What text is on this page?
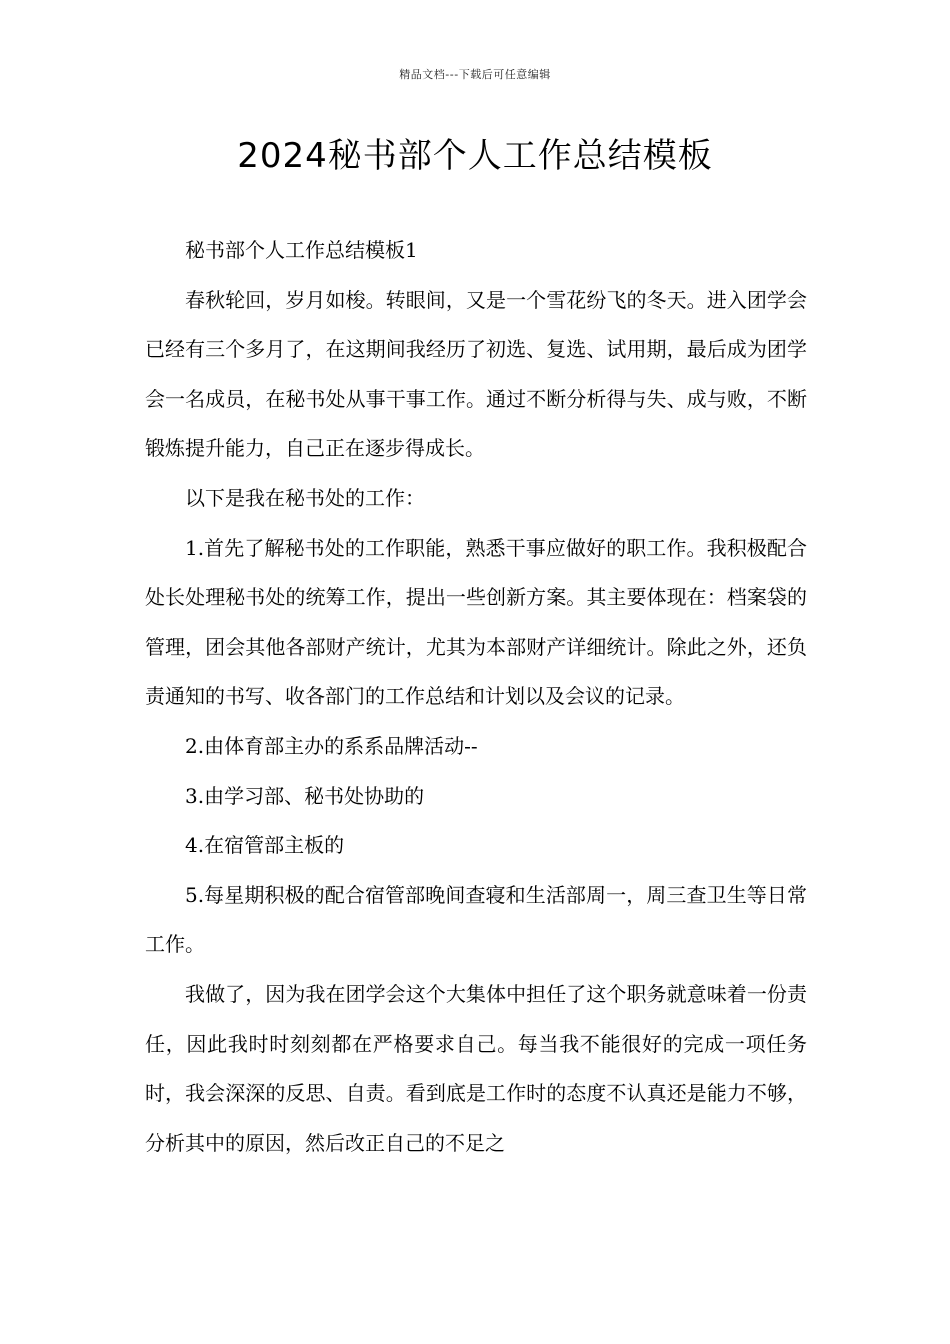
精品文档---下载后可任意编辑
2024秘书部个人工作总结模板

秘书部个人工作总结模板1

春秋轮回，岁月如梭。转眼间，又是一个雪花纷飞的冬天。进入团学会已经有三个多月了，在这期间我经历了初选、复选、试用期，最后成为团学会一名成员，在秘书处从事干事工作。通过不断分析得与失、成与败，不断锻炼提升能力，自己正在逐步得成长。

以下是我在秘书处的工作：

1.首先了解秘书处的工作职能，熟悉干事应做好的职工作。我积极配合处长处理秘书处的统筹工作，提出一些创新方案。其主要体现在：档案袋的管理，团会其他各部财产统计，尤其为本部财产详细统计。除此之外，还负责通知的书写、收各部门的工作总结和计划以及会议的记录。

2.由体育部主办的系系品牌活动--

3.由学习部、秘书处协助的

4.在宿管部主板的

5.每星期积极的配合宿管部晚间查寝和生活部周一，周三查卫生等日常工作。

我做了，因为我在团学会这个大集体中担任了这个职务就意味着一份责任，因此我时时刻刻都在严格要求自己。每当我不能很好的完成一项任务时，我会深深的反思、自责。看到底是工作时的态度不认真还是能力不够，分析其中的原因，然后改正自己的不足之
